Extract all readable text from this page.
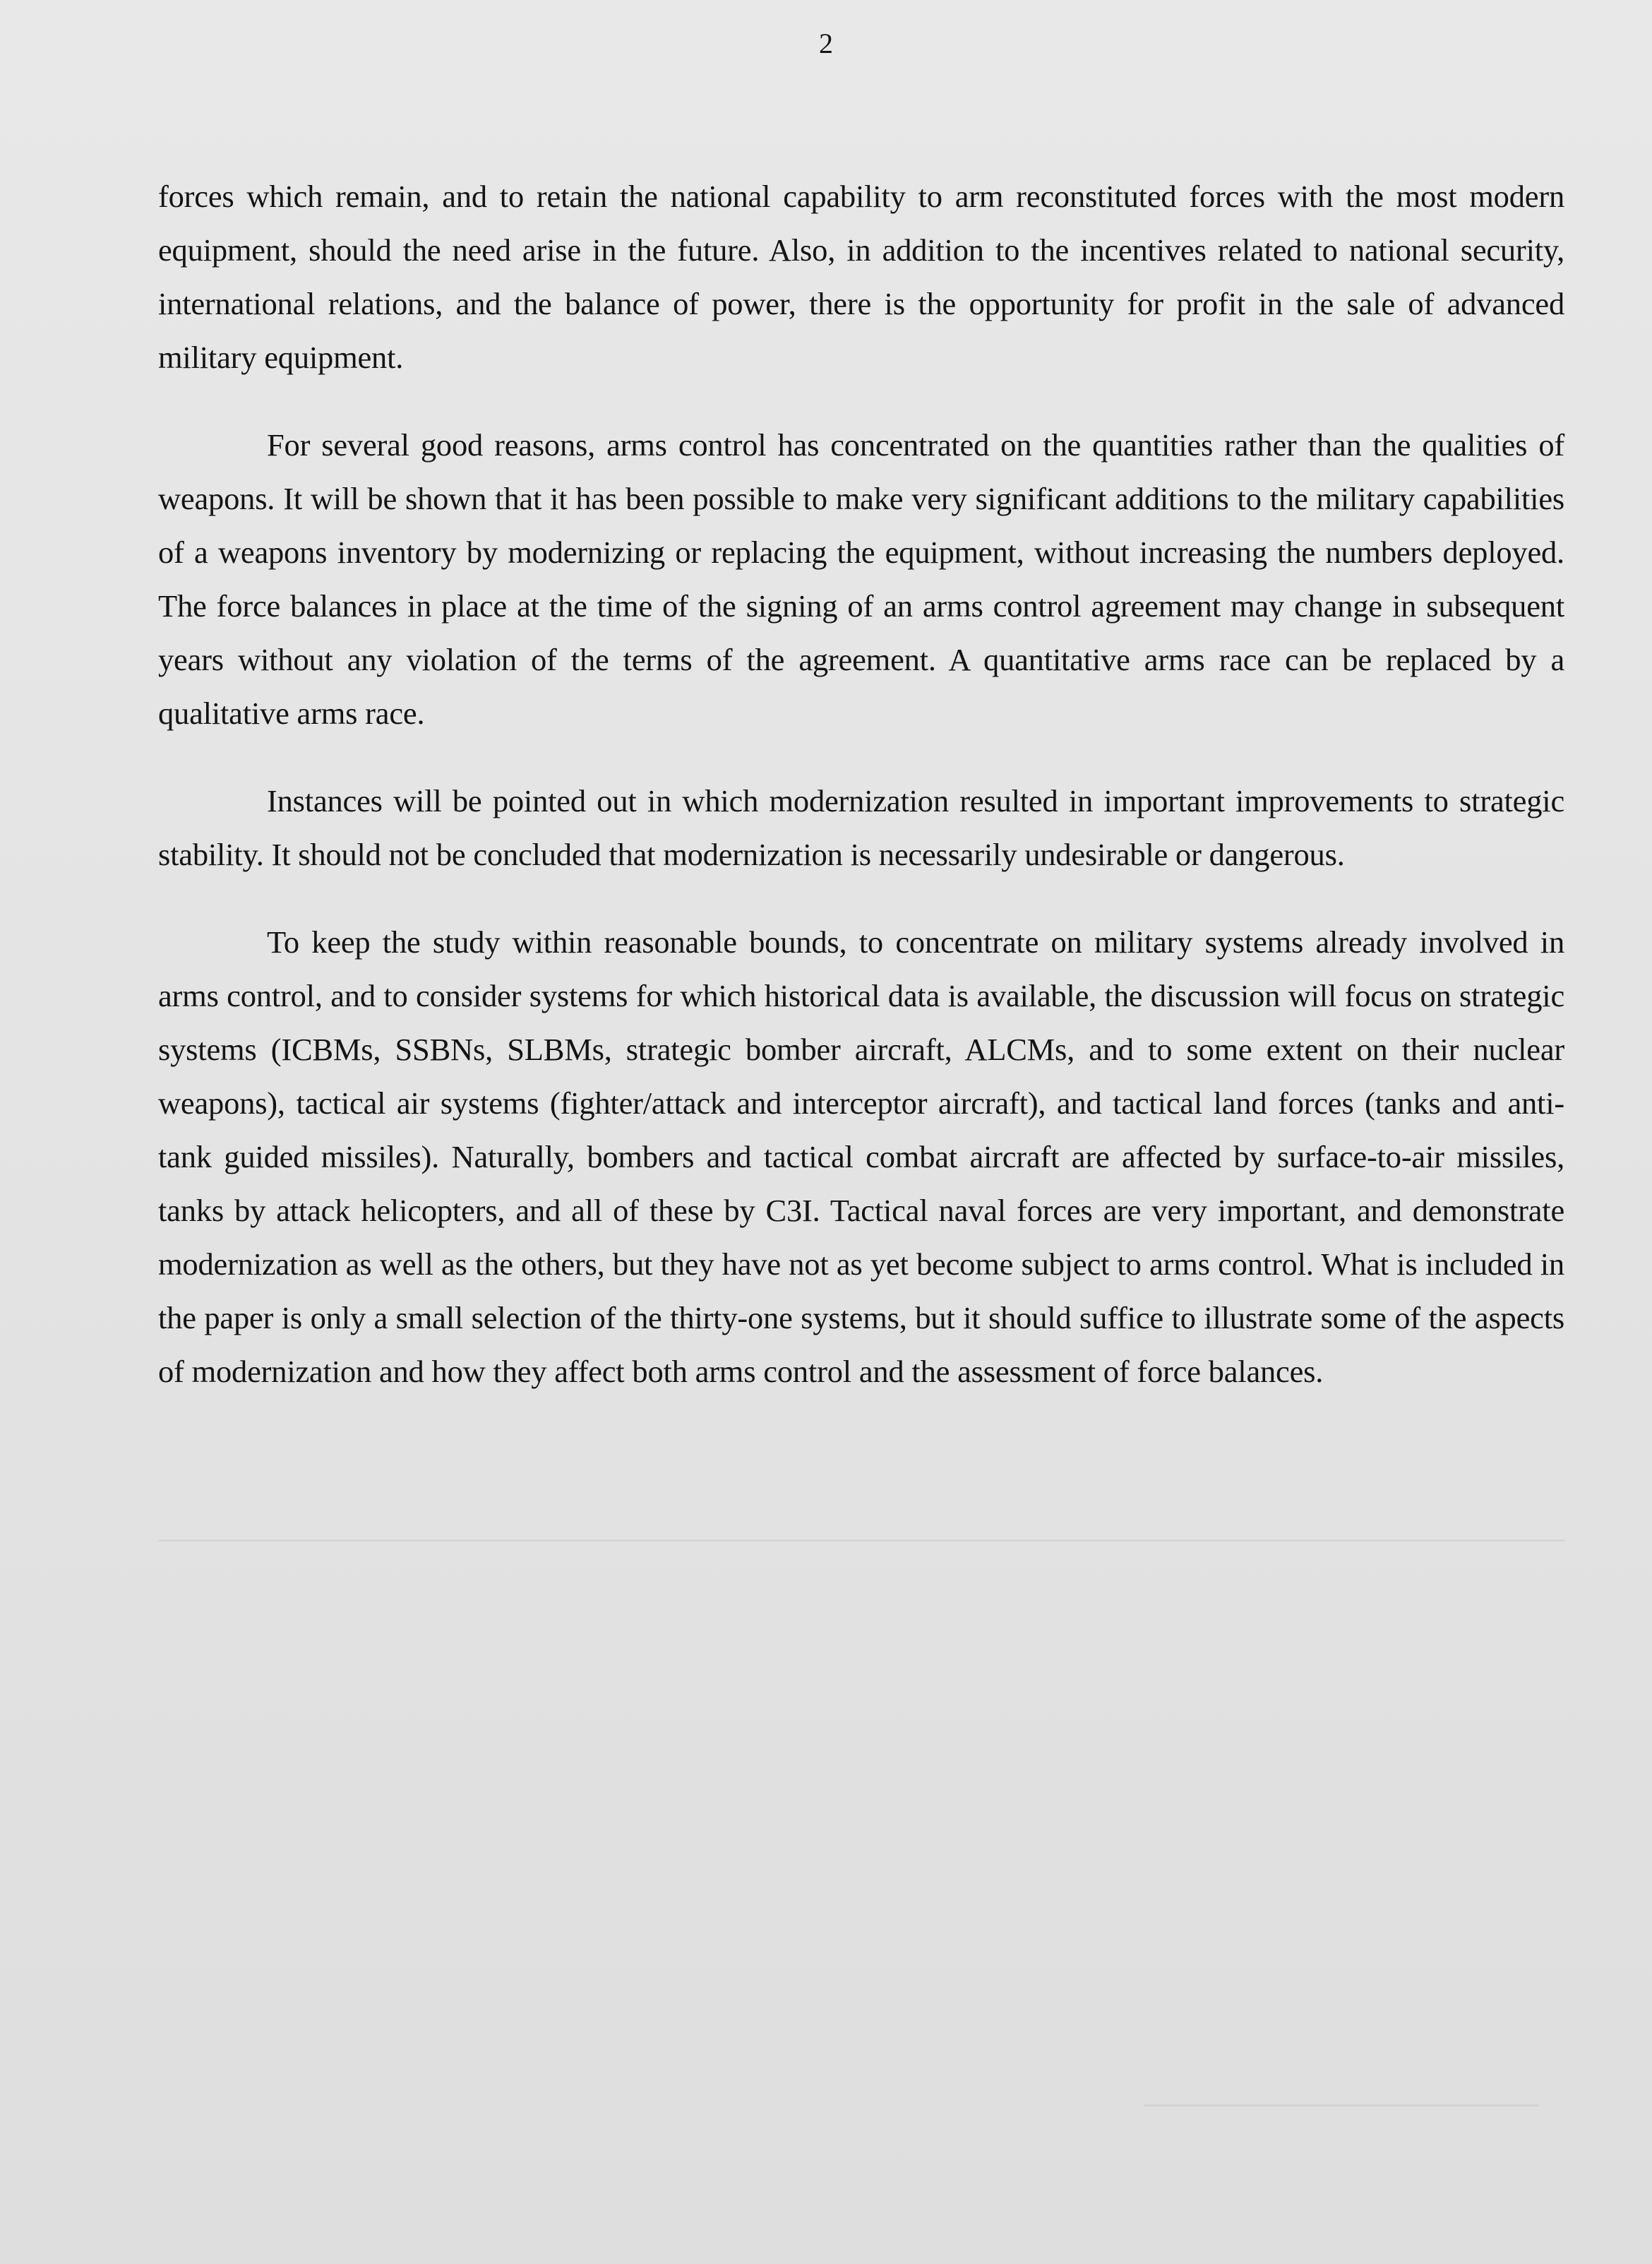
2

forces which remain, and to retain the national capability to arm reconstituted forces with the most modern equipment, should the need arise in the future. Also, in addition to the incentives related to national security, international relations, and the balance of power, there is the opportunity for profit in the sale of advanced military equipment.

For several good reasons, arms control has concentrated on the quantities rather than the qualities of weapons. It will be shown that it has been possible to make very significant additions to the military capabilities of a weapons inventory by modernizing or replacing the equipment, without increasing the numbers deployed. The force balances in place at the time of the signing of an arms control agreement may change in subsequent years without any violation of the terms of the agreement. A quantitative arms race can be replaced by a qualitative arms race.

Instances will be pointed out in which modernization resulted in important improvements to strategic stability. It should not be concluded that modernization is necessarily undesirable or dangerous.

To keep the study within reasonable bounds, to concentrate on military systems already involved in arms control, and to consider systems for which historical data is available, the discussion will focus on strategic systems (ICBMs, SSBNs, SLBMs, strategic bomber aircraft, ALCMs, and to some extent on their nuclear weapons), tactical air systems (fighter/attack and interceptor aircraft), and tactical land forces (tanks and anti-tank guided missiles). Naturally, bombers and tactical combat aircraft are affected by surface-to-air missiles, tanks by attack helicopters, and all of these by C3I. Tactical naval forces are very important, and demonstrate modernization as well as the others, but they have not as yet become subject to arms control. What is included in the paper is only a small selection of the thirty-one systems, but it should suffice to illustrate some of the aspects of modernization and how they affect both arms control and the assessment of force balances.
